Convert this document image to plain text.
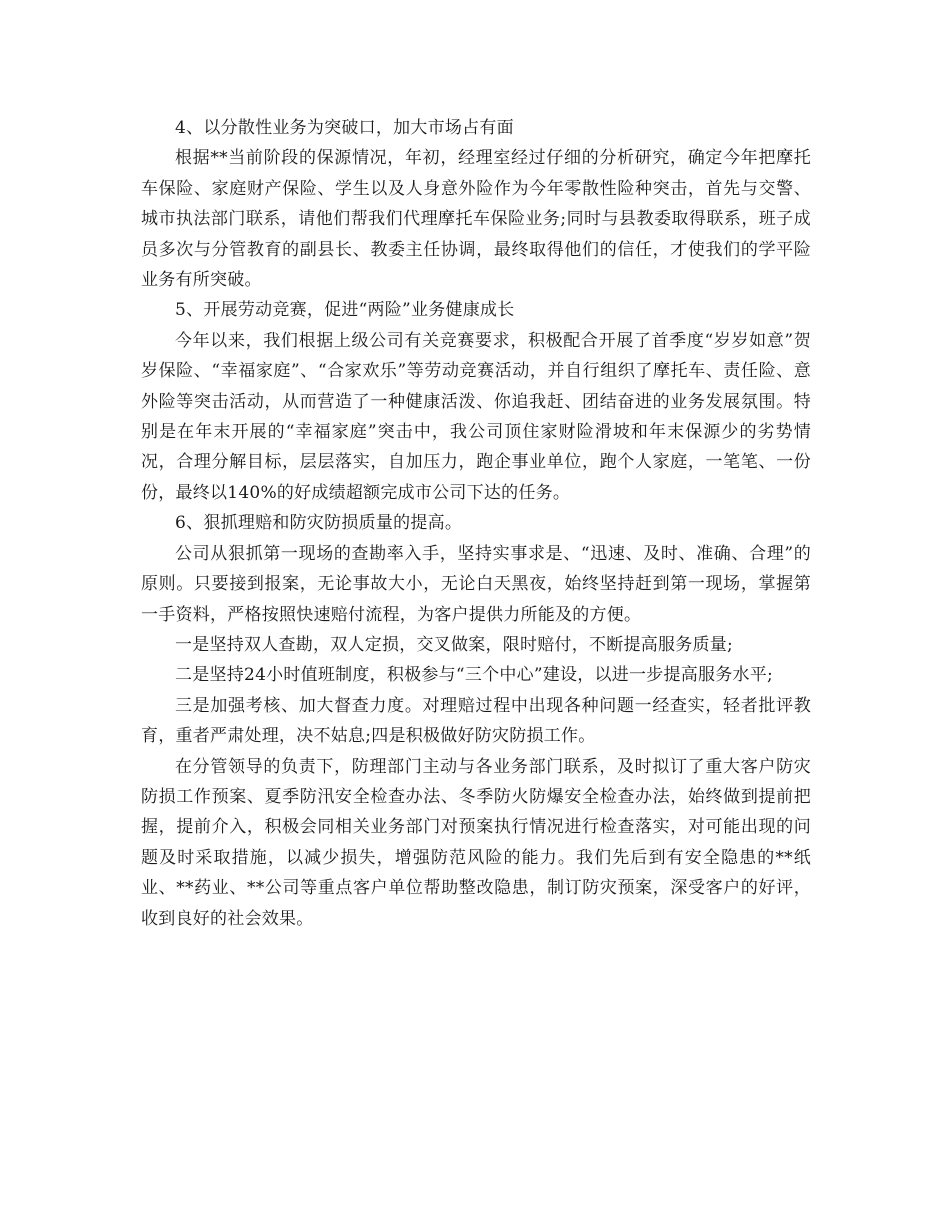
4、以分散性业务为突破口，加大市场占有面

根据**当前阶段的保源情况，年初，经理室经过仔细的分析研究，确定今年把摩托车保险、家庭财产保险、学生以及人身意外险作为今年零散性险种突击，首先与交警、城市执法部门联系，请他们帮我们代理摩托车保险业务;同时与县教委取得联系，班子成员多次与分管教育的副县长、教委主任协调，最终取得他们的信任，才使我们的学平险业务有所突破。

5、开展劳动竞赛，促进“两险”业务健康成长

今年以来，我们根据上级公司有关竞赛要求，积极配合开展了首季度“岁岁如意”贺岁保险、“幸福家庭”、“合家欢乐”等劳动竞赛活动，并自行组织了摩托车、责任险、意外险等突击活动，从而营造了一种健康活泼、你追我赶、团结奋进的业务发展氛围。特别是在年末开展的“幸福家庭”突击中，我公司顶住家财险滑坡和年末保源少的劣势情况，合理分解目标，层层落实，自加压力，跑企事业单位，跑个人家庭，一笔笔、一份份，最终以140%的好成绩超额完成市公司下达的任务。

6、狠抓理赔和防灾防损质量的提高。

公司从狠抓第一现场的查勘率入手，坚持实事求是、“迅速、及时、准确、合理”的原则。只要接到报案，无论事故大小，无论白天黑夜，始终坚持赶到第一现场，掌握第一手资料，严格按照快速赔付流程，为客户提供力所能及的方便。

一是坚持双人查勘，双人定损，交叉做案，限时赔付，不断提高服务质量;

二是坚持24小时值班制度，积极参与“三个中心”建设，以进一步提高服务水平;

三是加强考核、加大督查力度。对理赔过程中出现各种问题一经查实，轻者批评教育，重者严肃处理，决不姑息;四是积极做好防灾防损工作。

在分管领导的负责下，防理部门主动与各业务部门联系，及时拟订了重大客户防灾防损工作预案、夏季防汛安全检查办法、冬季防火防爆安全检查办法，始终做到提前把握，提前介入，积极会同相关业务部门对预案执行情况进行检查落实，对可能出现的问题及时采取措施，以减少损失，增强防范风险的能力。我们先后到有安全隐患的**纸业、**药业、**公司等重点客户单位帮助整改隐患，制订防灾预案，深受客户的好评，收到良好的社会效果。
